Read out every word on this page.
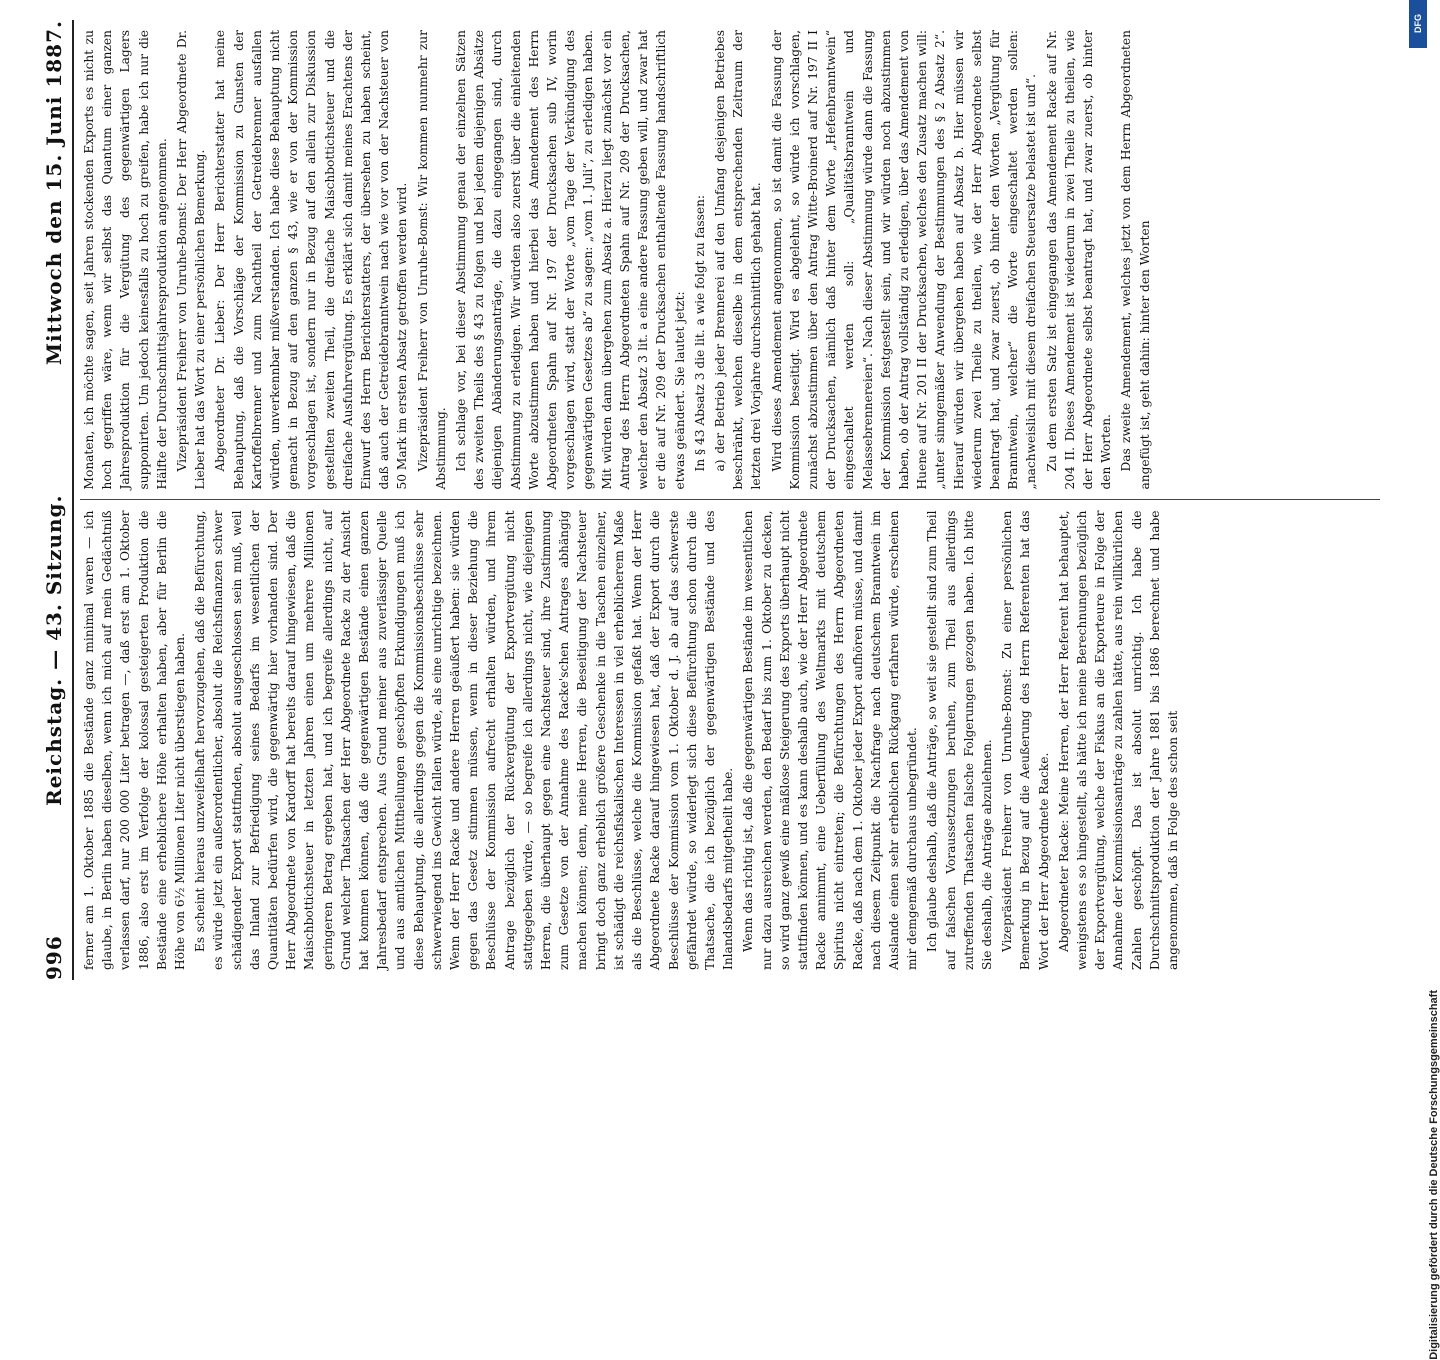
996
Reichstag. — 43. Sitzung.
Mittwoch den 15. Juni 1887.

ferner am 1. Oktober 1885 die Bestände ganz minimal waren — ich glaube, in Berlin haben dieselben, wenn ich mich auf mein Gedächtniß verlassen darf, nur 200 000 Liter betragen —, daß erst am 1. Oktober 1886, also erst im Verfolge der kolossal gesteigerten Produktion die Bestände eine erheblichere Höhe erhalten haben, aber für Berlin die Höhe von 6½ Millionen Liter nicht überstiegen haben. Es scheint hieraus unzweifelhaft hervorzugehen, daß die Befürchtung, es würde jetzt ein außerordentlicher, absolut die Reichsfinanzen schwer schädigender Export stattfinden, absolut ausgeschlossen sein muß, weil das Inland zur Befriedigung seines Bedarfs im wesentlichen der Quantitäten bedürfen wird, die gegenwärtig hier vorhanden sind. Der Herr Abgeordnete von Kardorff hat bereits darauf hingewiesen, daß die Maischbottichsteuer in letzten Jahren einen um mehrere Millionen geringeren Betrag ergeben hat, und ich begreife allerdings nicht, auf Grund welcher Thatsachen der Herr Abgeordnete Racke zu der Ansicht hat kommen können, daß die gegenwärtigen Bestände einen ganzen Jahresbedarf entsprechen. Aus Grund meiner aus zuverlässiger Quelle und aus amtlichen Mittheilungen geschöpften Erkundigungen muß ich diese Behauptung, die allerdings gegen die Kommissionsbeschlüsse sehr schwerwiegend ins Gewicht fallen würde, als eine unrichtige bezeichnen. Wenn der Herr Racke und andere Herren geäußert haben: sie würden gegen das Gesetz stimmen müssen, wenn in dieser Beziehung die Beschlüsse der Kommission aufrecht erhalten würden, und ihrem Antrage bezüglich der Rückvergütung der Exportvergütung nicht stattgegeben würde, — so begreife ich allerdings nicht, wie diejenigen Herren, die überhaupt gegen eine Nachsteuer sind, ihre Zustimmung zum Gesetze von der Annahme des Racke'schen Antrages abhängig machen können; denn, meine Herren, die Beseitigung der Nachsteuer bringt doch ganz erheblich größere Geschenke in die Taschen einzelner, ist schädigt die reichsfiskalischen Interessen in viel erheblicherem Maße als die Beschlüsse, welche die Kommission gefaßt hat. Wenn der Herr Abgeordnete Racke darauf hingewiesen hat, daß der Export durch die Beschlüsse der Kommission vom 1. Oktober d. J. ab auf das schwerste gefährdet würde, so widerlegt sich diese Befürchtung schon durch die Thatsache, die ich bezüglich der gegenwärtigen Bestände und des Inlandsbedarfs mitgetheilt habe. Wenn das richtig ist, daß die gegenwärtigen Bestände im wesentlichen nur dazu ausreichen werden, den Bedarf bis zum 1. Oktober zu decken, so wird ganz gewiß eine mäßlose Steigerung des Exports überhaupt nicht stattfinden können, und es kann deshalb auch, wie der Herr Abgeordnete Racke annimmt, eine Ueberfüllung des Weltmarkts mit deutschem Spiritus nicht eintreten; die Befürchtungen des Herrn Abgeordneten Racke, daß nach dem 1. Oktober jeder Export aufhören müsse, und damit nach diesem Zeitpunkt die Nachfrage nach deutschem Branntwein im Auslande einen sehr erheblichen Rückgang erfahren würde, erscheinen mir demgemäß durchaus unbegründet. Ich glaube deshalb, daß die Anträge, so weit sie gestellt sind zum Theil auf falschen Voraussetzungen beruhen, zum Theil aus allerdings zutreffenden Thatsachen falsche Folgerungen gezogen haben. Ich bitte Sie deshalb, die Anträge abzulehnen. Vizepräsident Freiherr von Unruhe-Bomst: Zu einer persönlichen Bemerkung in Bezug auf die Aeußerung des Herrn Referenten hat das Wort der Herr Abgeordnete Racke. Abgeordneter Racke: Meine Herren, der Herr Referent hat behauptet, wenigstens es so hingestellt, als hätte ich meine Berechnungen bezüglich der Exportvergütung, welche der Fiskus an die Exporteure in Folge der Annahme der Kommissionsanträge zu zahlen hätte, aus rein willkürlichen Zahlen geschöpft. Das ist absolut unrichtig. Ich habe die Durchschnittsproduktion der Jahre 1881 bis 1886 berechnet und habe angenommen, daß in Folge des schon seit

Monaten, ich möchte sagen, seit Jahren stockenden Exports es nicht zu hoch gegriffen wäre, wenn wir selbst das Quantum einer ganzen Jahresproduktion für die Vergütung des gegenwärtigen Lagers supponirten. Um jedoch keinesfalls zu hoch zu greifen, habe ich nur die Hälfte der Durchschnittsjahresproduktion angenommen. Vizepräsident Freiherr von Unruhe-Bomst: Der Herr Abgeordnete Dr. Lieber hat das Wort zu einer persönlichen Bemerkung. Abgeordneter Dr. Lieber: Der Herr Berichterstatter hat meine Behauptung, daß die Vorschläge der Kommission zu Gunsten der Kartoffelbrenner und zum Nachtheil der Getreidebrenner ausfallen würden, unverkennbar mißverstanden. Ich habe diese Behauptung nicht gemacht in Bezug auf den ganzen § 43, wie er von der Kommission vorgeschlagen ist, sondern nur in Bezug auf den allein zur Diskussion gestellten zweiten Theil, die dreifache Maischbottichsteuer und die dreifache Ausfuhrvergütung. Es erklärt sich damit meines Erachtens der Einwurf des Herrn Berichterstatters, der übersehen zu haben scheint, daß auch der Getreidebranntwein nach wie vor von der Nachsteuer von 50 Mark im ersten Absatz getroffen werden wird. Vizepräsident Freiherr von Unruhe-Bomst: Wir kommen nunmehr zur Abstimmung. Ich schlage vor, bei dieser Abstimmung genau der einzelnen Sätzen des zweiten Theils des § 43 zu folgen und bei jedem diejenigen Absätze diejenigen Abänderungsanträge, die dazu eingegangen sind, durch Abstimmung zu erledigen. Wir würden also zuerst über die einleitenden Worte abzustimmen haben und hierbei das Amendement des Herrn Abgeordneten Spahn auf Nr. 197 der Drucksachen sub IV, worin vorgeschlagen wird, statt der Worte „vom Tage der Verkündigung des gegenwärtigen Gesetzes ab“ zu sagen: „vom 1. Juli“, zu erledigen haben. Mit würden dann übergehen zum Absatz a. Hierzu liegt zunächst vor ein Antrag des Herrn Abgeordneten Spahn auf Nr. 209 der Drucksachen, welcher den Absatz 3 lit. a eine andere Fassung geben will, und zwar hat er die auf Nr. 209 der Drucksachen enthaltende Fassung handschriftlich etwas geändert. Sie lautet jetzt: In § 43 Absatz 3 die lit. a wie folgt zu fassen: a) der Betrieb jeder Brennerei auf den Umfang desjenigen Betriebes beschränkt, welchen dieselbe in dem entsprechenden Zeitraum der letzten drei Vorjahre durchschnittlich gehabt hat. Wird dieses Amendement angenommen, so ist damit die Fassung der Kommission beseitigt. Wird es abgelehnt, so würde ich vorschlagen, zunächst abzustimmen über den Antrag Witte-Broinerd auf Nr. 197 II I der Drucksachen, nämlich daß hinter dem Worte „Hefenbranntwein“ eingeschaltet werden soll: „Qualitätsbranntwein und Melassebrennereien“. Nach dieser Abstimmung würde dann die Fassung der Kommission festgestellt sein, und wir würden noch abzustimmen haben, ob der Antrag vollständig zu erledigen, über das Amendement von Huene auf Nr. 201 II der Drucksachen, welches den Zusatz machen will: „unter sinngemäßer Anwendung der Bestimmungen des § 2 Absatz 2“. Hierauf würden wir übergehen haben auf Absatz b. Hier müssen wir wiederum zwei Theile zu theilen, wie der Herr Abgeordnete selbst beantragt hat, und zwar zuerst, ob hinter den Worten „Vergütung für Branntwein, welcher“ die Worte eingeschaltet werden sollen: „nachweislich mit diesem dreifachen Steuersatze belastet ist und“. Zu dem ersten Satz ist eingegangen das Amendement Racke auf Nr. 204 II. Dieses Amendement ist wiederum in zwei Theile zu theilen, wie der Herr Abgeordnete selbst beantragt hat, und zwar zuerst, ob hinter den Worten. Das zweite Amendement, welches jetzt von dem Herrn Abgeordneten angefügt ist, geht dahin: hinter den Worten

Digitalisierung gefördert durch die Deutsche Forschungsgemeinschaft
DFG
